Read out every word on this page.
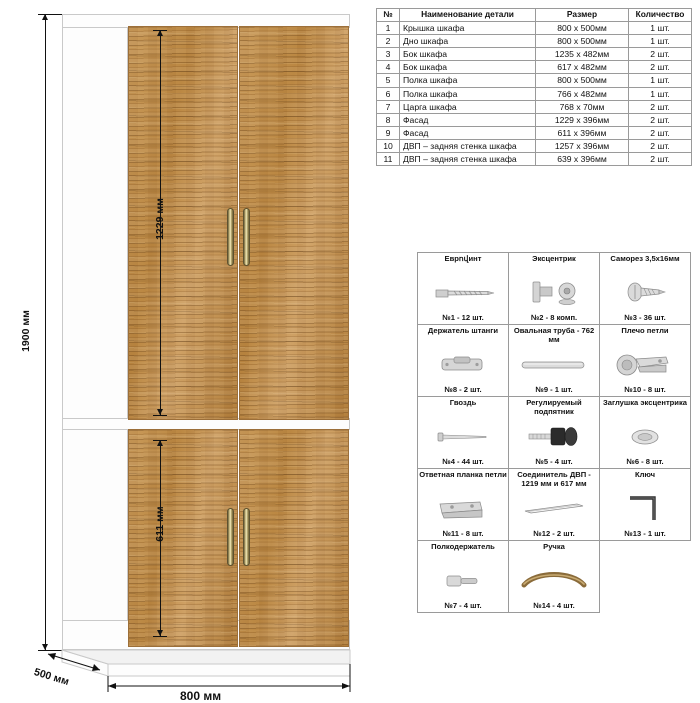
1900 мм
1229 мм
611 мм
500 мм
800 мм
№	Наименование детали	Размер	Количество
1	Крышка шкафа	800 x 500мм	1 шт.
2	Дно шкафа	800 x 500мм	1 шт.
3	Бок шкафа	1235 x 482мм	2 шт.
4	Бок шкафа	617 x 482мм	2 шт.
5	Полка шкафа	800 x 500мм	1 шт.
6	Полка шкафа	766 x 482мм	1 шт.
7	Царга шкафа	768 x 70мм	2 шт.
8	Фасад	1229 x 396мм	2 шт.
9	Фасад	611 x 396мм	2 шт.
10	ДВП – задняя стенка шкафа	1257 x 396мм	2 шт.
11	ДВП – задняя стенка шкафа	639 x 396мм	2 шт.
Еврովинт
№1 - 12 шт.

Эксцентрик
№2 - 8 комп.

Саморез 3,5x16мм
№3 - 36 шт.

Держатель штанги
№8 - 2 шт.

Овальная труба - 762 мм
№9 - 1 шт.

Плечо петли
№10 - 8 шт.

Гвоздь
№4 - 44 шт.

Регулируемый подпятник
№5 - 4 шт.

Заглушка эксцентрика
№6 - 8 шт.

Ответная планка петли
№11 - 8 шт.

Соединитель ДВП - 1219 мм и 617 мм
№12 - 2 шт.

Ключ
№13 - 1 шт.

Полкодержатель
№7 - 4 шт.

Ручка
№14 - 4 шт.
